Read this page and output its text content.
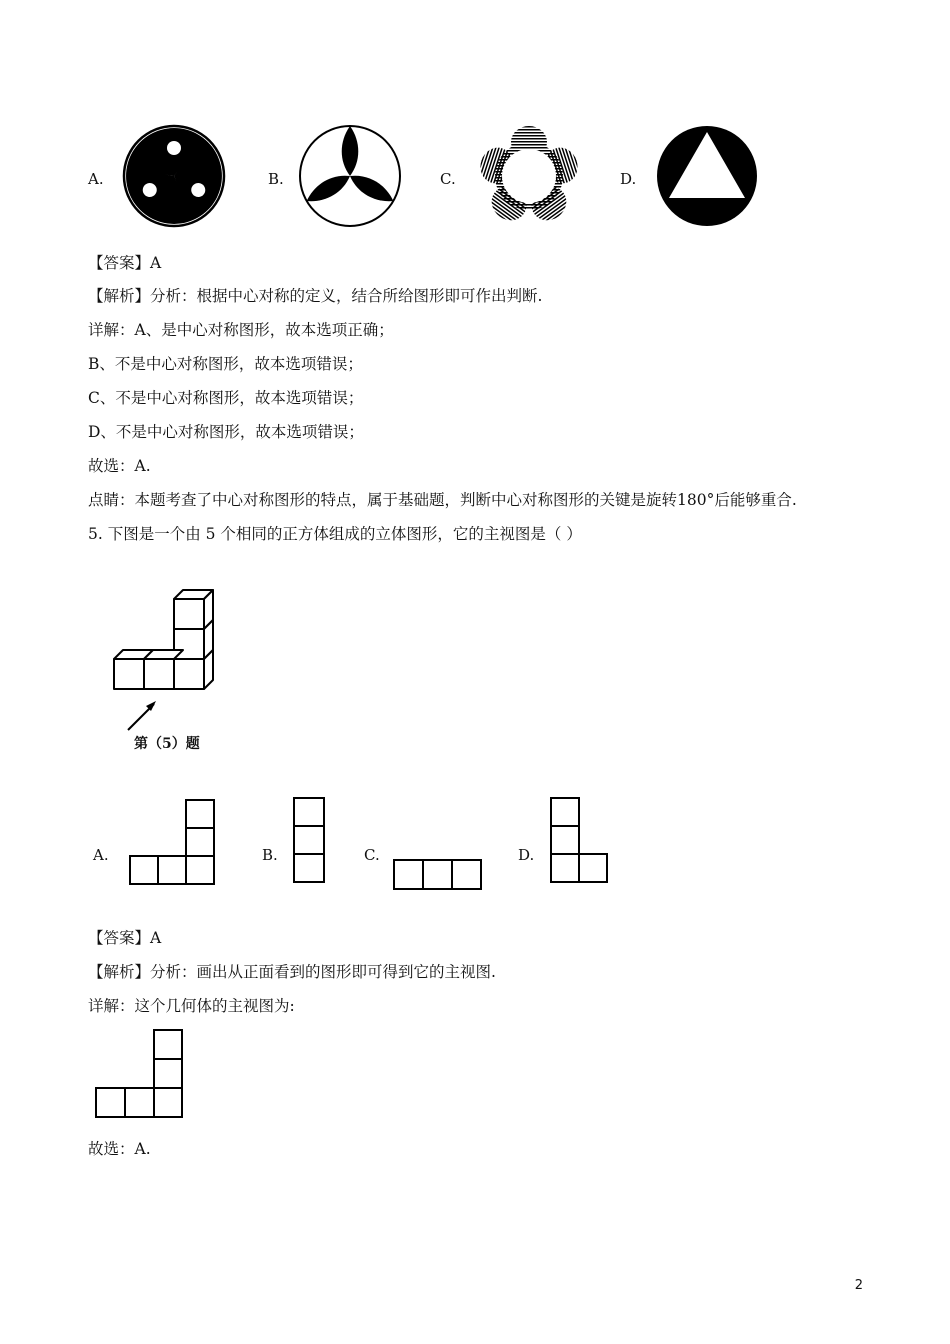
A.	B.	C.	D.
【答案】A
【解析】分析：根据中心对称的定义，结合所给图形即可作出判断.
详解：A、是中心对称图形，故本选项正确；
B、不是中心对称图形，故本选项错误；
C、不是中心对称图形，故本选项错误；
D、不是中心对称图形，故本选项错误；
故选：A.
点睛：本题考查了中心对称图形的特点，属于基础题，判断中心对称图形的关键是旋转180°后能够重合.
5. 下图是一个由 5 个相同的正方体组成的立体图形，它的主视图是（ ）
第（5）题
A.	B.	C.	D.
【答案】A
【解析】分析：画出从正面看到的图形即可得到它的主视图.
详解：这个几何体的主视图为:
故选：A.
2
